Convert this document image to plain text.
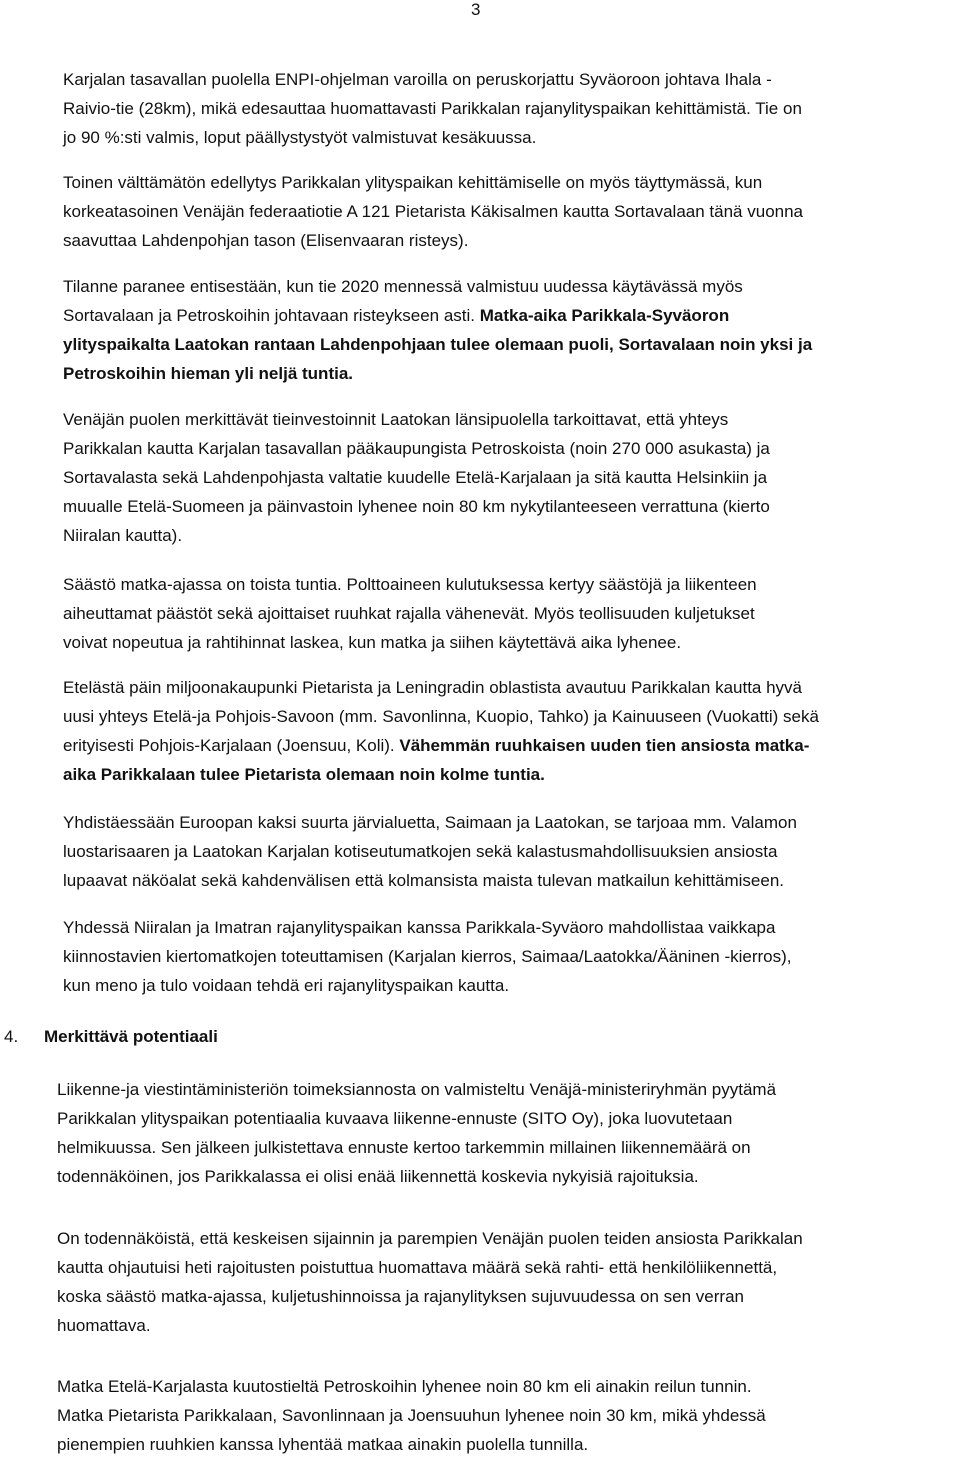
3

Karjalan tasavallan puolella ENPI-ohjelman varoilla on peruskorjattu Syväoroon johtava Ihala -
Raivio-tie (28km), mikä edesauttaa huomattavasti Parikkalan rajanylityspaikan kehittämistä. Tie on
jo 90 %:sti valmis, loput päällystystyöt valmistuvat kesäkuussa.

Toinen välttämätön edellytys Parikkalan ylityspaikan kehittämiselle on myös täyttymässä, kun
korkeatasoinen Venäjän federaatiotie A 121 Pietarista Käkisalmen kautta Sortavalaan tänä vuonna
saavuttaa Lahdenpohjan tason (Elisenvaaran risteys).

Tilanne paranee entisestään, kun tie 2020 mennessä valmistuu uudessa käytävässä myös
Sortavalaan ja Petroskoihin johtavaan risteykseen asti. Matka-aika Parikkala-Syväoron
ylityspaikalta Laatokan rantaan Lahdenpohjaan tulee olemaan puoli, Sortavalaan noin yksi ja
Petroskoihin hieman yli neljä tuntia.

Venäjän puolen merkittävät tieinvestoinnit Laatokan länsipuolella tarkoittavat, että yhteys
Parikkalan kautta Karjalan tasavallan pääkaupungista Petroskoista (noin 270 000 asukasta) ja
Sortavalasta sekä Lahdenpohjasta valtatie kuudelle Etelä-Karjalaan ja sitä kautta Helsinkiin ja
muualle Etelä-Suomeen ja päinvastoin lyhenee noin 80 km nykytilanteeseen verrattuna (kierto
Niiralan kautta).

Säästö matka-ajassa on toista tuntia. Polttoaineen kulutuksessa kertyy säästöjä ja liikenteen
aiheuttamat päästöt sekä ajoittaiset ruuhkat rajalla vähenevät. Myös teollisuuden kuljetukset
voivat nopeutua ja rahtihinnat laskea, kun matka ja siihen käytettävä aika lyhenee.

Etelästä päin miljoonakaupunki Pietarista ja Leningradin oblastista avautuu Parikkalan kautta hyvä
uusi yhteys Etelä-ja Pohjois-Savoon (mm. Savonlinna, Kuopio, Tahko) ja Kainuuseen (Vuokatti) sekä
erityisesti Pohjois-Karjalaan (Joensuu, Koli). Vähemmän ruuhkaisen uuden tien ansiosta matka-
aika Parikkalaan tulee Pietarista olemaan noin kolme tuntia.

Yhdistäessään Euroopan kaksi suurta järvialuetta, Saimaan ja Laatokan, se tarjoaa mm. Valamon
luostarisaaren ja Laatokan Karjalan kotiseutumatkojen sekä kalastusmahdollisuuksien ansiosta
lupaavat näköalat sekä kahdenvälisen että kolmansista maista tulevan matkailun kehittämiseen.

Yhdessä Niiralan ja Imatran rajanylityspaikan kanssa Parikkala-Syväoro mahdollistaa vaikkapa
kiinnostavien kiertomatkojen toteuttamisen (Karjalan kierros, Saimaa/Laatokka/Ääninen -kierros),
kun meno ja tulo voidaan tehdä eri rajanylityspaikan kautta.

Liikenne-ja viestintäministeriön toimeksiannosta on valmisteltu Venäjä-ministeriryhmän pyytämä
Parikkalan ylityspaikan potentiaalia kuvaava liikenne-ennuste (SITO Oy), joka luovutetaan
helmikuussa. Sen jälkeen julkistettava ennuste kertoo tarkemmin millainen liikennemäärä on
todennäköinen, jos Parikkalassa ei olisi enää liikennettä koskevia nykyisiä rajoituksia.

On todennäköistä, että keskeisen sijainnin ja parempien Venäjän puolen teiden ansiosta Parikkalan
kautta ohjautuisi heti rajoitusten poistuttua huomattava määrä sekä rahti- että henkilöliikennettä,
koska säästö matka-ajassa, kuljetushinnoissa ja rajanylityksen sujuvuudessa on sen verran
huomattava.

Matka Etelä-Karjalasta kuutostieltä Petroskoihin lyhenee noin 80 km eli ainakin reilun tunnin.
Matka Pietarista Parikkalaan, Savonlinnaan ja Joensuuhun lyhenee noin 30 km, mikä yhdessä
pienempien ruuhkien kanssa lyhentää matkaa ainakin puolella tunnilla.

4. Merkittävä potentiaali
